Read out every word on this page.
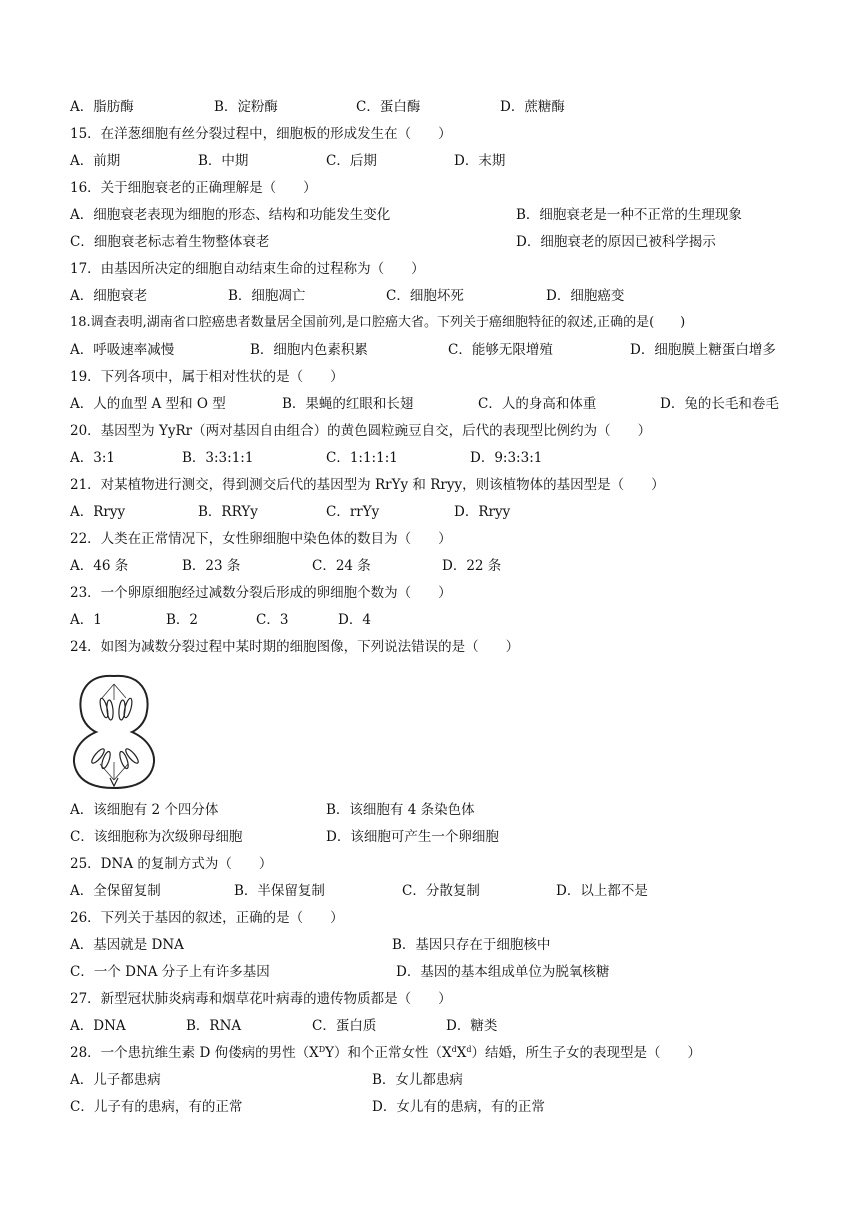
A．脂肪酶	B．淀粉酶	C．蛋白酶	D．蔗糖酶
15．在洋葱细胞有丝分裂过程中，细胞板的形成发生在（　　）
A．前期	B．中期	C．后期	D．末期
16．关于细胞衰老的正确理解是（　　）
A．细胞衰老表现为细胞的形态、结构和功能发生变化	B．细胞衰老是一种不正常的生理现象
C．细胞衰老标志着生物整体衰老	D．细胞衰老的原因已被科学揭示
17．由基因所决定的细胞自动结束生命的过程称为（　　）
A．细胞衰老	B．细胞凋亡	C．细胞坏死	D．细胞癌变
18.调查表明,湖南省口腔癌患者数量居全国前列,是口腔癌大省。下列关于癌细胞特征的叙述,正确的是(　　)
A．呼吸速率减慢	B．细胞内色素积累	C．能够无限增殖	D．细胞膜上糖蛋白增多
19．下列各项中，属于相对性状的是（　　）
A．人的血型 A 型和 O 型	B．果蝇的红眼和长翅	C．人的身高和体重	D．兔的长毛和卷毛
20．基因型为 YyRr（两对基因自由组合）的黄色圆粒豌豆自交，后代的表现型比例约为（　　）
A．3:1	B．3:3:1:1	C．1:1:1:1	D．9:3:3:1
21．对某植物进行测交，得到测交后代的基因型为 RrYy 和 Rryy，则该植物体的基因型是（　　）
A．Rryy	B．RRYy	C．rrYy	D．Rryy
22．人类在正常情况下，女性卵细胞中染色体的数目为（　　）
A．46 条	B．23 条	C．24 条	D．22 条
23．一个卵原细胞经过减数分裂后形成的卵细胞个数为（　　）
A．1	B．2	C．3	D．4
24．如图为减数分裂过程中某时期的细胞图像，下列说法错误的是（　　）
A．该细胞有 2 个四分体	B．该细胞有 4 条染色体
C．该细胞称为次级卵母细胞	D．该细胞可产生一个卵细胞
25．DNA 的复制方式为（　　）
A．全保留复制	B．半保留复制	C．分散复制	D．以上都不是
26．下列关于基因的叙述，正确的是（　　）
A．基因就是 DNA	B．基因只存在于细胞核中
C．一个 DNA 分子上有许多基因	D．基因的基本组成单位为脱氧核糖
27．新型冠状肺炎病毒和烟草花叶病毒的遗传物质都是（　　）
A．DNA	B．RNA	C．蛋白质	D．糖类
28．一个患抗维生素 D 佝偻病的男性$(X^DY)$和个正常女性$(X^dX^d)$结婚，所生子女的表现型是（　　）
A．儿子都患病	B．女儿都患病
C．儿子有的患病，有的正常	D．女儿有的患病，有的正常
